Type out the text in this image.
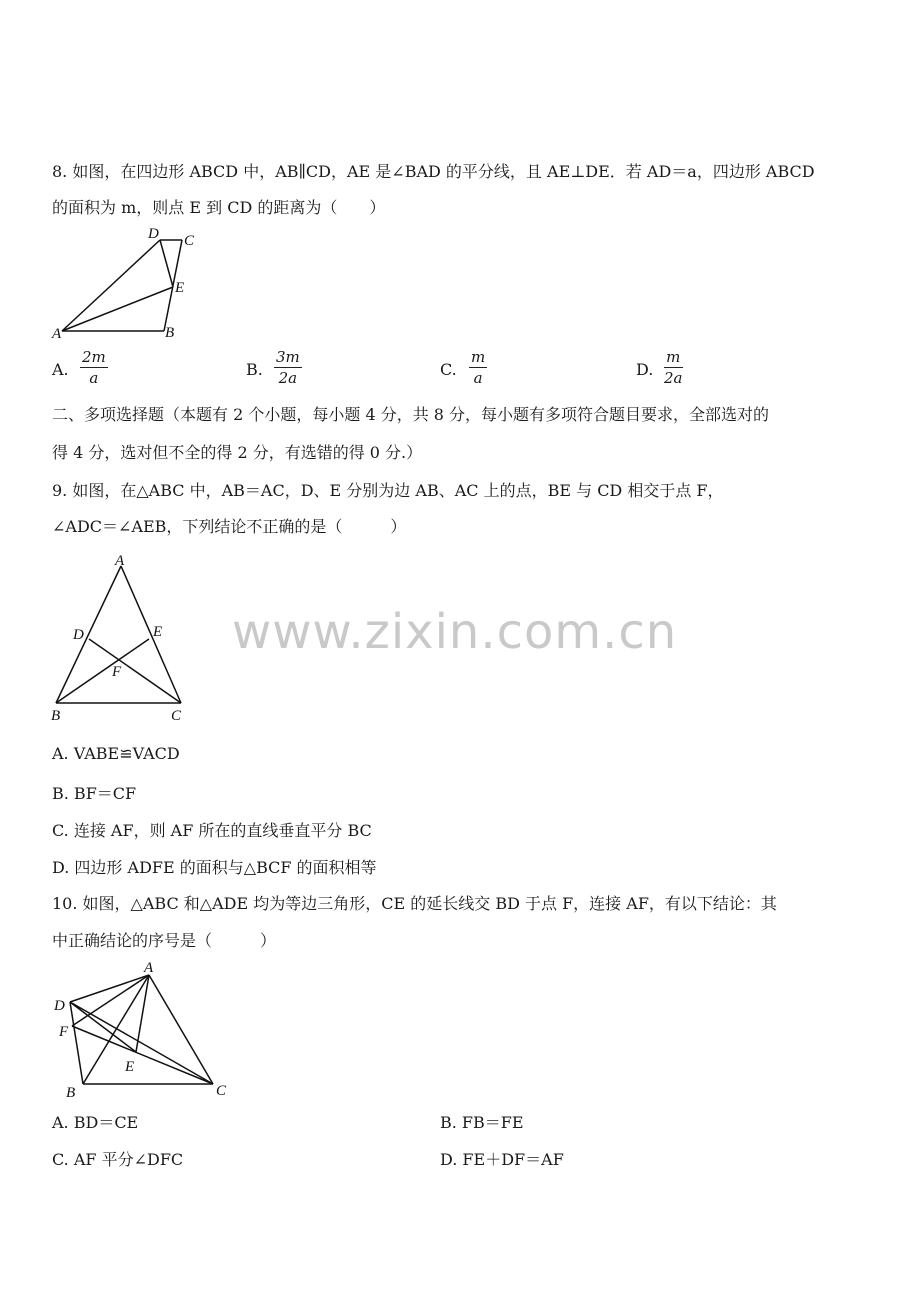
8. 如图，在四边形 ABCD 中，AB∥CD，AE 是∠BAD 的平分线，且 AE⊥DE．若 AD＝a，四边形 ABCD
的面积为 m，则点 E 到 CD 的距离为（　　）
A	B
C
D
E
A. $\frac{2m}{a}$	B. $\frac{3m}{2a}$	C. $\frac{m}{a}$	D. $\frac{m}{2a}$
二、多项选择题（本题有 2 个小题，每小题 4 分，共 8 分，每小题有多项符合题目要求，全部选对的
得 4 分，选对但不全的得 2 分，有选错的得 0 分.）
9. 如图，在△ABC 中，AB＝AC，D、E 分别为边 AB、AC 上的点，BE 与 CD 相交于点 F，
∠ADC＝∠AEB，下列结论不正确的是（　　　）
A
B	C
D	E
F
www.zixin.com.cn
A. VABE≌VACD
B. BF＝CF
C. 连接 AF，则 AF 所在的直线垂直平分 BC
D. 四边形 ADFE 的面积与△BCF 的面积相等
10. 如图，△ABC 和△ADE 均为等边三角形，CE 的延长线交 BD 于点 F，连接 AF，有以下结论：其
中正确结论的序号是（　　　）
A
B	C
D
E
F
A. BD＝CE	B. FB＝FE
C. AF 平分∠DFC	D. FE＋DF＝AF
